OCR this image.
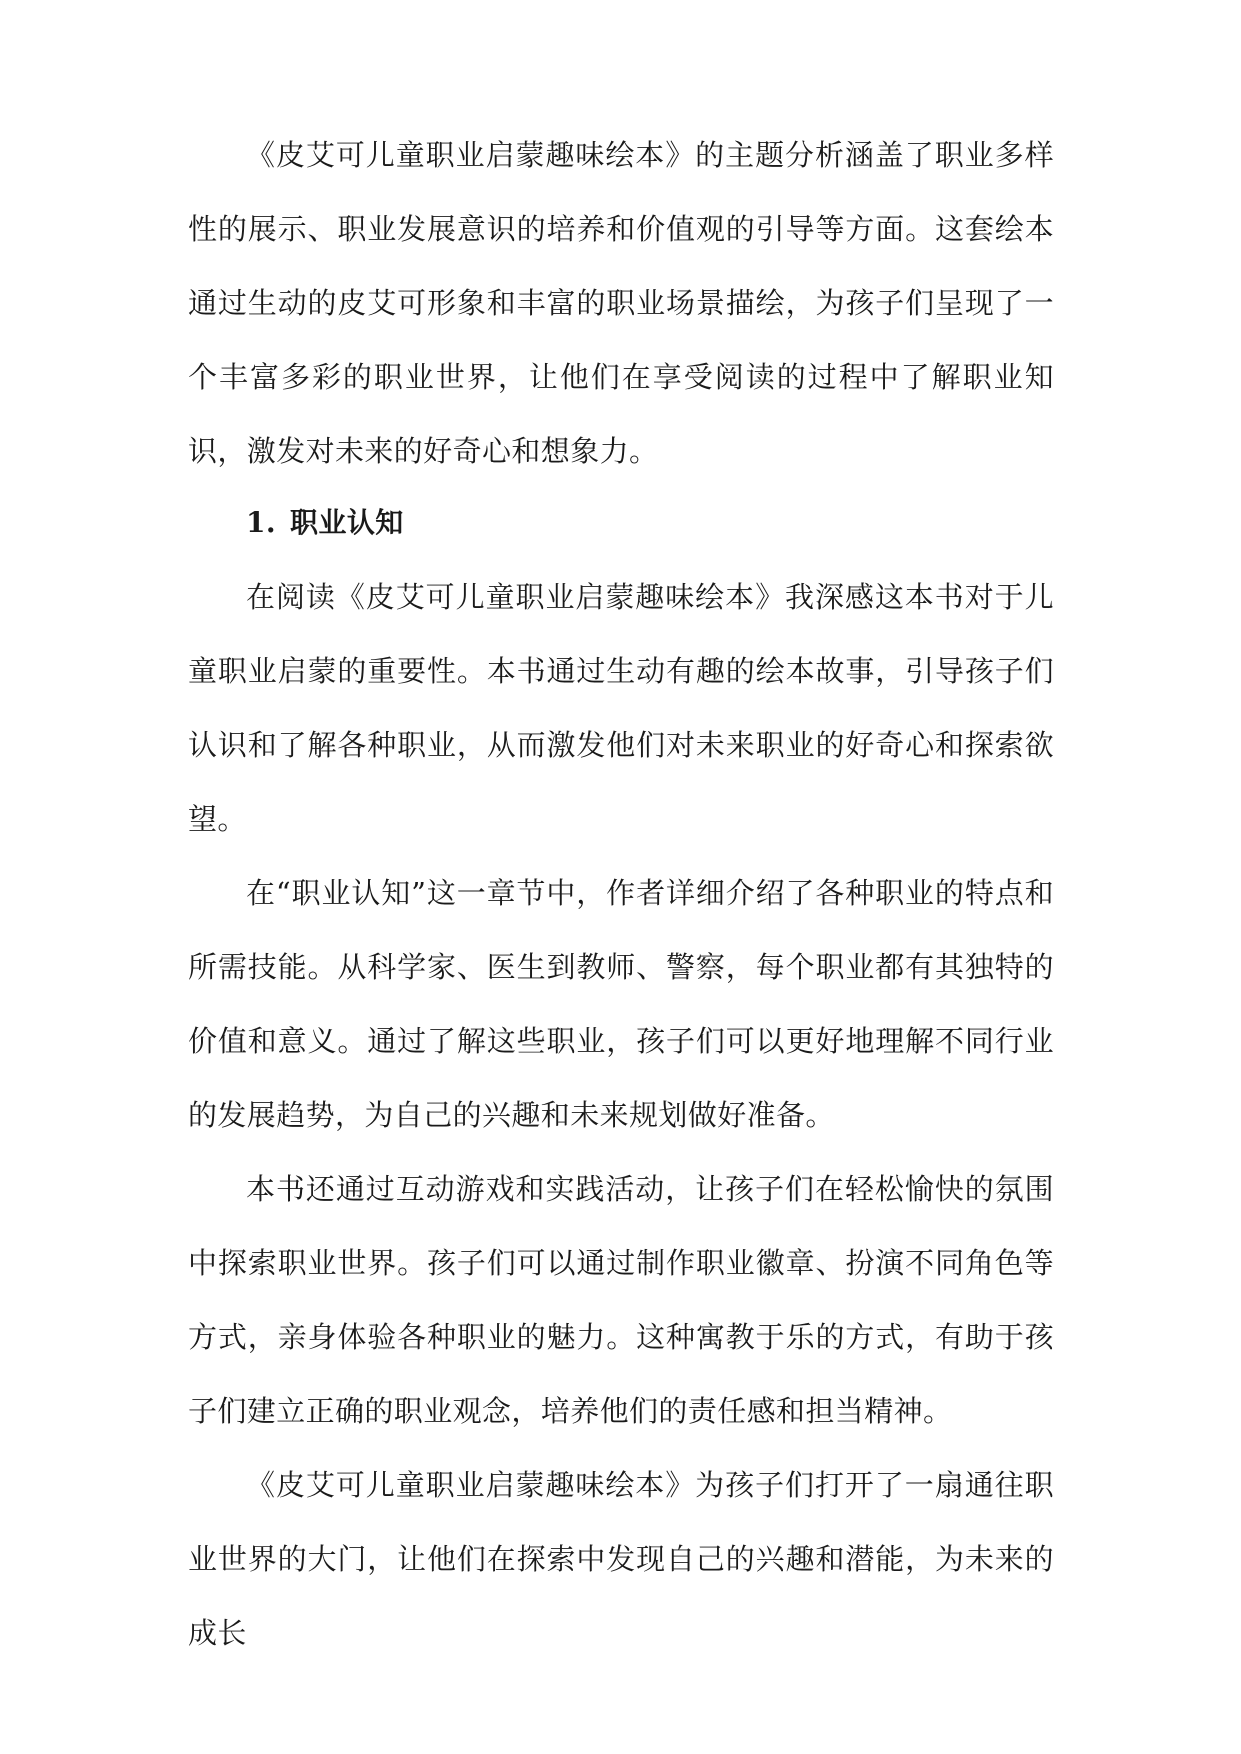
《皮艾可儿童职业启蒙趣味绘本》的主题分析涵盖了职业多样性的展示、职业发展意识的培养和价值观的引导等方面。这套绘本通过生动的皮艾可形象和丰富的职业场景描绘，为孩子们呈现了一个丰富多彩的职业世界，让他们在享受阅读的过程中了解职业知识，激发对未来的好奇心和想象力。

1. 职业认知

在阅读《皮艾可儿童职业启蒙趣味绘本》我深感这本书对于儿童职业启蒙的重要性。本书通过生动有趣的绘本故事，引导孩子们认识和了解各种职业，从而激发他们对未来职业的好奇心和探索欲望。

在“职业认知”这一章节中，作者详细介绍了各种职业的特点和所需技能。从科学家、医生到教师、警察，每个职业都有其独特的价值和意义。通过了解这些职业，孩子们可以更好地理解不同行业的发展趋势，为自己的兴趣和未来规划做好准备。

本书还通过互动游戏和实践活动，让孩子们在轻松愉快的氛围中探索职业世界。孩子们可以通过制作职业徽章、扮演不同角色等方式，亲身体验各种职业的魅力。这种寓教于乐的方式，有助于孩子们建立正确的职业观念，培养他们的责任感和担当精神。

《皮艾可儿童职业启蒙趣味绘本》为孩子们打开了一扇通往职业世界的大门，让他们在探索中发现自己的兴趣和潜能，为未来的成长
